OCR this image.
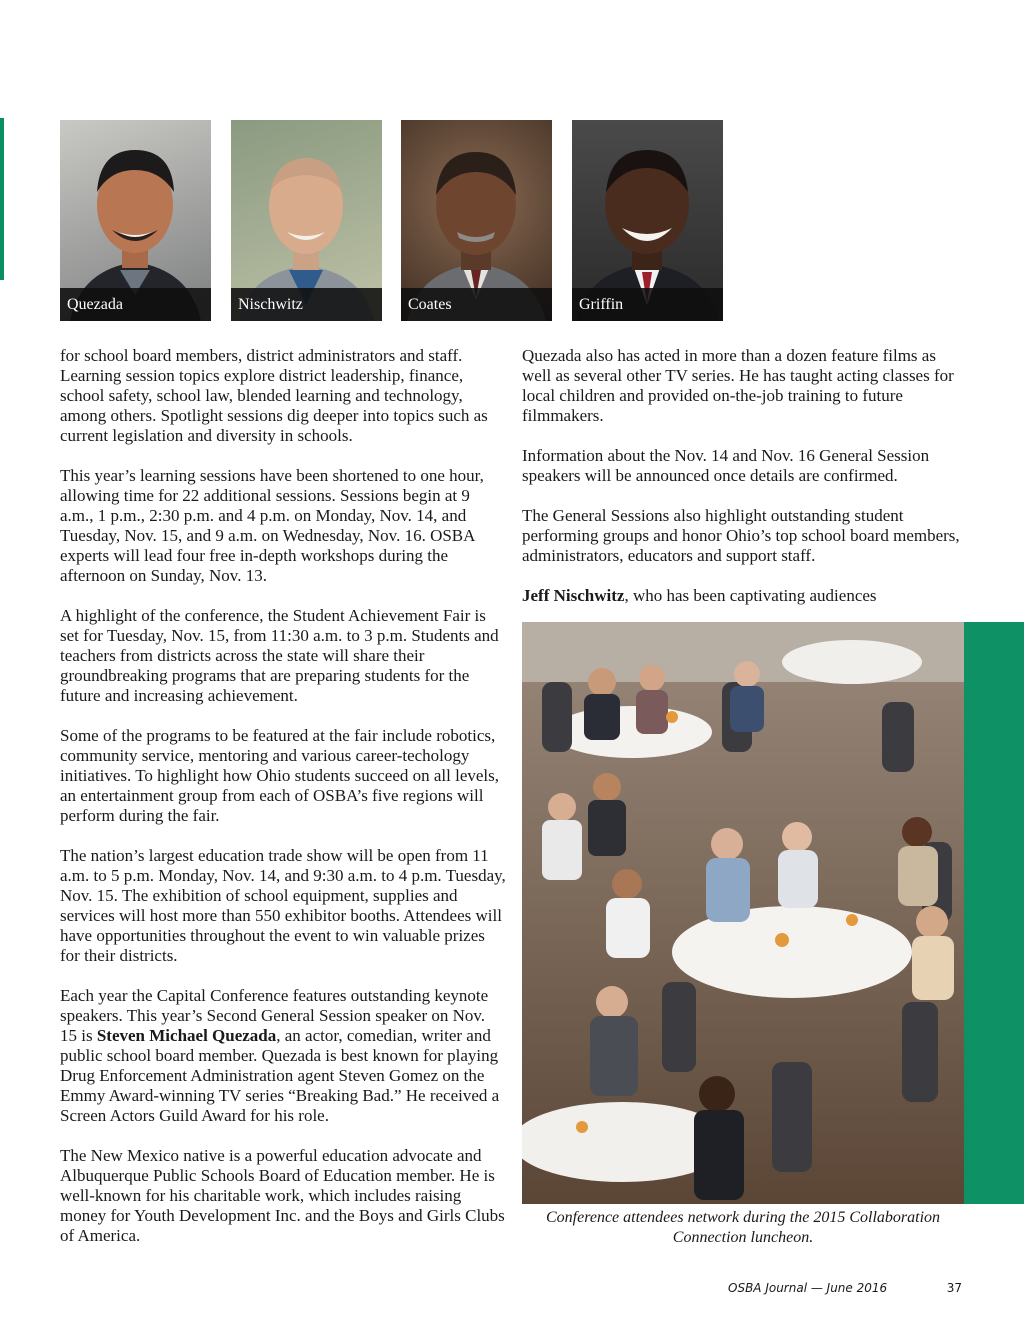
Quezada	Nischwitz	Coates	Griffin

for school board members, district administrators and staff. Learning session topics explore district leadership, finance, school safety, school law, blended learning and technology, among others. Spotlight sessions dig deeper into topics such as current legislation and diversity in schools.

This year’s learning sessions have been shortened to one hour, allowing time for 22 additional sessions. Sessions begin at 9 a.m., 1 p.m., 2:30 p.m. and 4 p.m. on Monday, Nov. 14, and Tuesday, Nov. 15, and 9 a.m. on Wednesday, Nov. 16. OSBA experts will lead four free in-depth workshops during the afternoon on Sunday, Nov. 13.

A highlight of the conference, the Student Achievement Fair is set for Tuesday, Nov. 15, from 11:30 a.m. to 3 p.m. Students and teachers from districts across the state will share their groundbreaking programs that are preparing students for the future and increasing achievement.

Some of the programs to be featured at the fair include robotics, community service, mentoring and various career-techology initiatives. To highlight how Ohio students succeed on all levels, an entertainment group from each of OSBA’s five regions will perform during the fair.

The nation’s largest education trade show will be open from 11 a.m. to 5 p.m. Monday, Nov. 14, and 9:30 a.m. to 4 p.m. Tuesday, Nov. 15. The exhibition of school equipment, supplies and services will host more than 550 exhibitor booths. Attendees will have opportunities throughout the event to win valuable prizes for their districts.

Each year the Capital Conference features outstanding keynote speakers. This year’s Second General Session speaker on Nov. 15 is Steven Michael Quezada, an actor, comedian, writer and public school board member. Quezada is best known for playing Drug Enforcement Administration agent Steven Gomez on the Emmy Award-winning TV series “Breaking Bad.” He received a Screen Actors Guild Award for his role.

The New Mexico native is a powerful education advocate and Albuquerque Public Schools Board of Education member. He is well-known for his charitable work, which includes raising money for Youth Development Inc. and the Boys and Girls Clubs of America.

Quezada also has acted in more than a dozen feature films as well as several other TV series. He has taught acting classes for local children and provided on-the-job training to future filmmakers.

Information about the Nov. 14 and Nov. 16 General Session speakers will be announced once details are confirmed.

The General Sessions also highlight outstanding student performing groups and honor Ohio’s top school board members, administrators, educators and support staff.

Jeff Nischwitz, who has been captivating audiences

Conference attendees network during the 2015 Collaboration Connection luncheon.
OSBA Journal — June 2016	37
